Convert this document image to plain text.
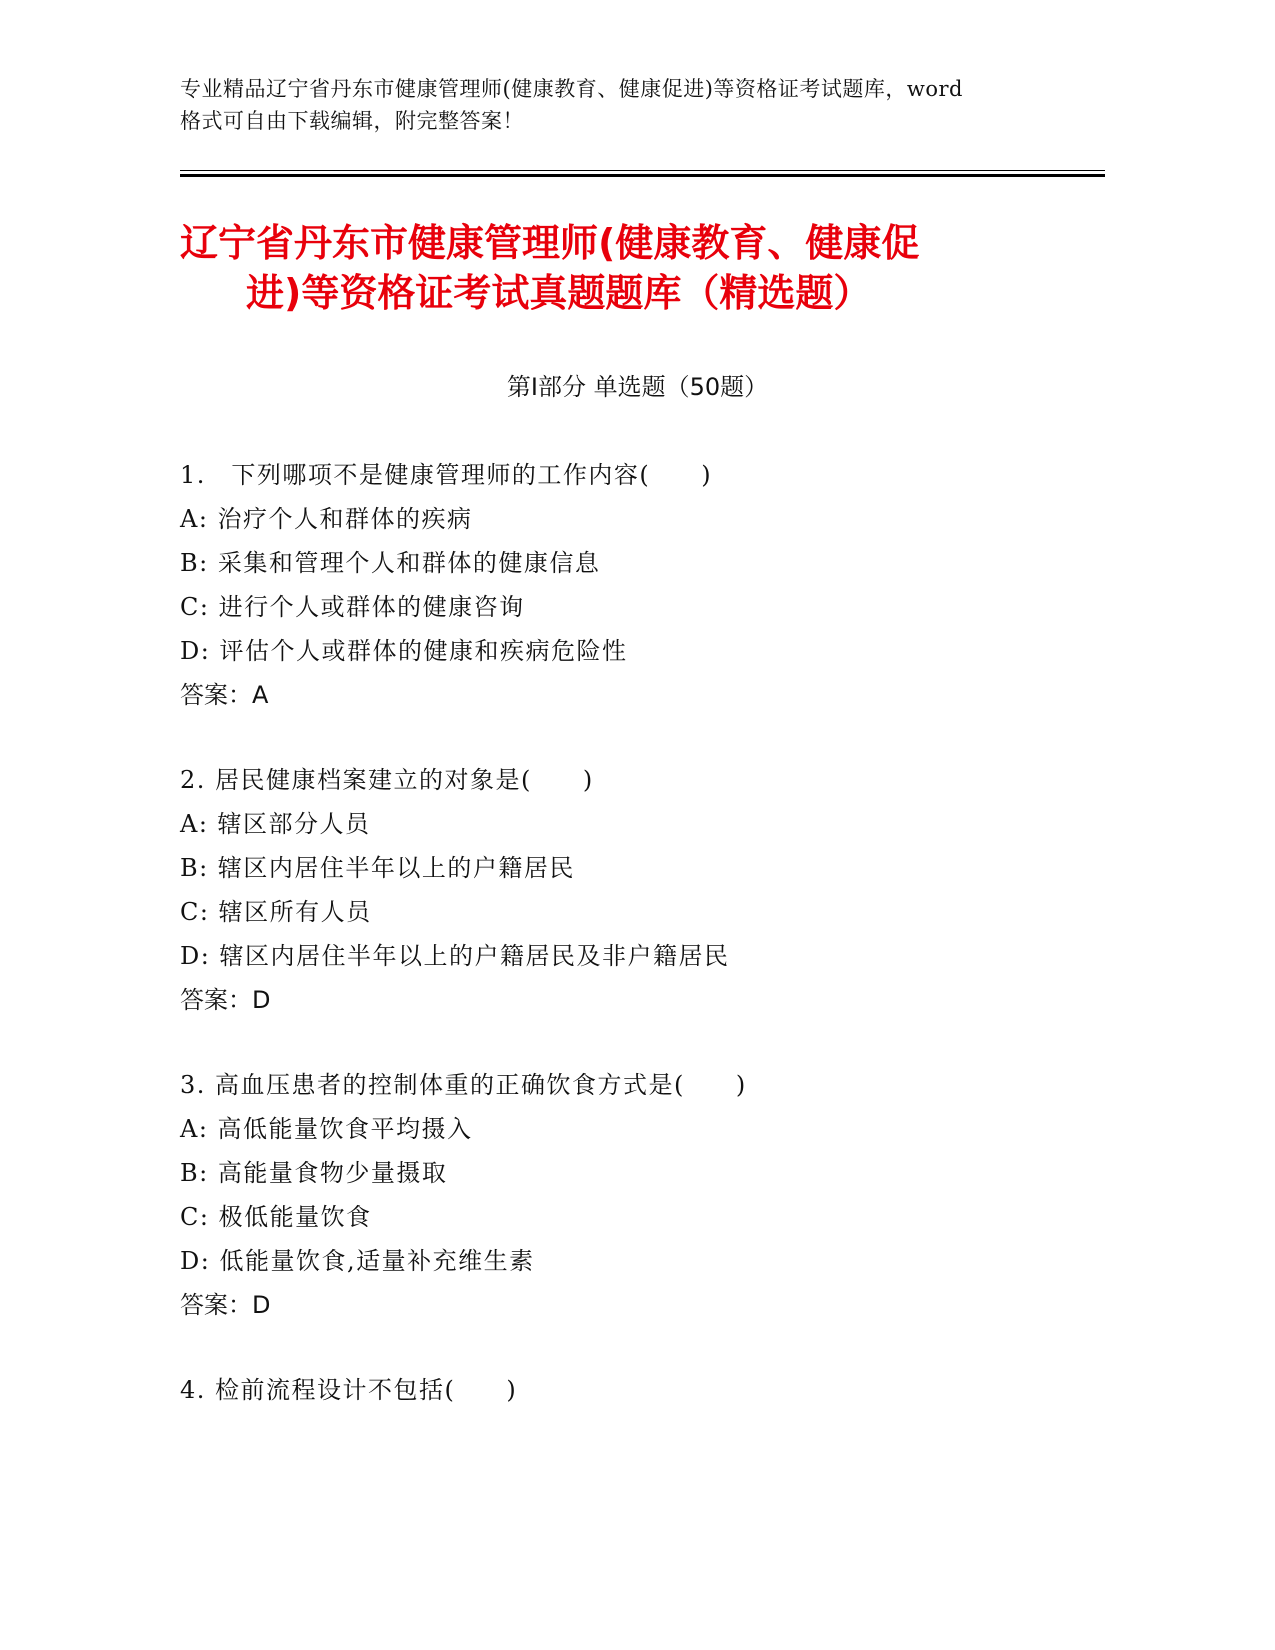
专业精品辽宁省丹东市健康管理师(健康教育、健康促进)等资格证考试题库，word
格式可自由下载编辑，附完整答案！
辽宁省丹东市健康管理师(健康教育、健康促
进)等资格证考试真题题库（精选题）
第Ⅰ部分 单选题（50题）
1.　下列哪项不是健康管理师的工作内容(　　)
A: 治疗个人和群体的疾病
B: 采集和管理个人和群体的健康信息
C: 进行个人或群体的健康咨询
D: 评估个人或群体的健康和疾病危险性
答案：A
2. 居民健康档案建立的对象是(　　)
A: 辖区部分人员
B: 辖区内居住半年以上的户籍居民
C: 辖区所有人员
D: 辖区内居住半年以上的户籍居民及非户籍居民
答案：D
3. 高血压患者的控制体重的正确饮食方式是(　　)
A: 高低能量饮食平均摄入
B: 高能量食物少量摄取
C: 极低能量饮食
D: 低能量饮食,适量补充维生素
答案：D
4. 检前流程设计不包括(　　)
